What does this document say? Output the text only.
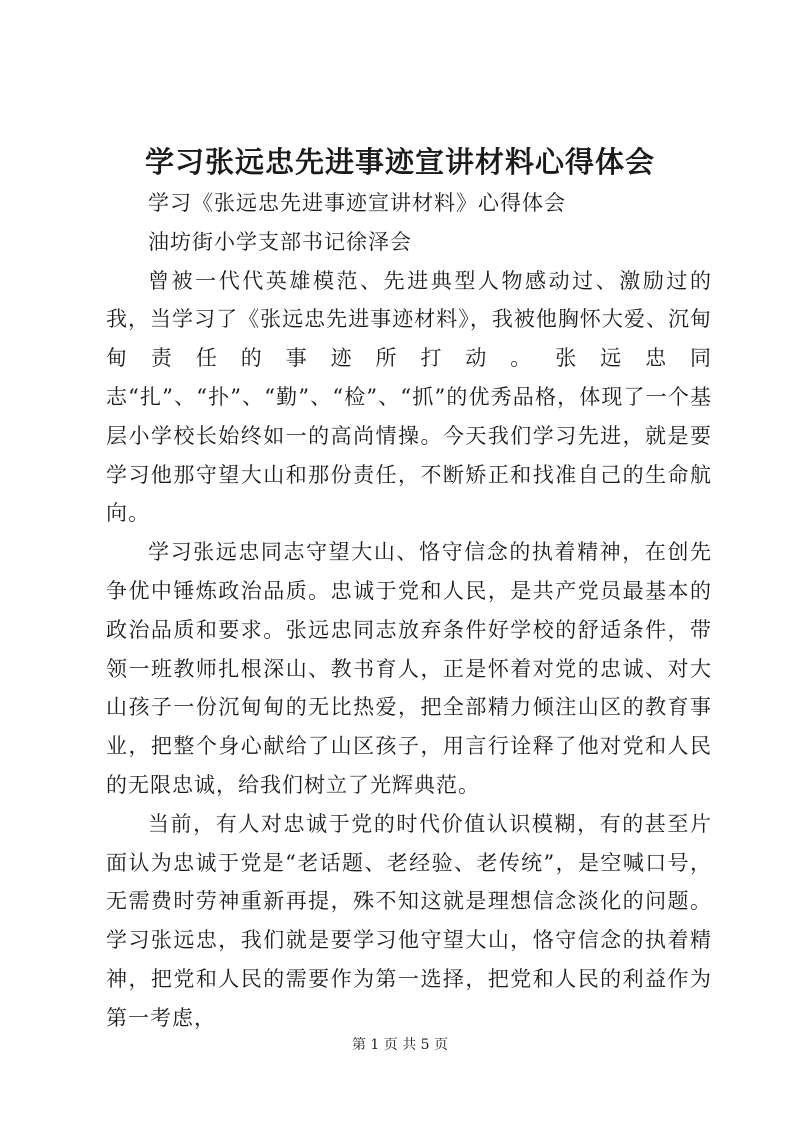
学习张远忠先进事迹宣讲材料心得体会

学习《张远忠先进事迹宣讲材料》心得体会

油坊街小学支部书记徐泽会

曾被一代代英雄模范、先进典型人物感动过、激励过的我，当学习了《张远忠先进事迹材料》，我被他胸怀大爱、沉甸甸责任的事迹所打动。张远忠同志“扎”、“扑”、“勤”、“检”、“抓”的优秀品格，体现了一个基层小学校长始终如一的高尚情操。今天我们学习先进，就是要学习他那守望大山和那份责任，不断矫正和找准自己的生命航向。

学习张远忠同志守望大山、恪守信念的执着精神，在创先争优中锤炼政治品质。忠诚于党和人民，是共产党员最基本的政治品质和要求。张远忠同志放弃条件好学校的舒适条件，带领一班教师扎根深山、教书育人，正是怀着对党的忠诚、对大山孩子一份沉甸甸的无比热爱，把全部精力倾注山区的教育事业，把整个身心献给了山区孩子，用言行诠释了他对党和人民的无限忠诚，给我们树立了光辉典范。

当前，有人对忠诚于党的时代价值认识模糊，有的甚至片面认为忠诚于党是“老话题、老经验、老传统”，是空喊口号，无需费时劳神重新再提，殊不知这就是理想信念淡化的问题。学习张远忠，我们就是要学习他守望大山，恪守信念的执着精神，把党和人民的需要作为第一选择，把党和人民的利益作为第一考虑，

第 1 页 共 5 页
